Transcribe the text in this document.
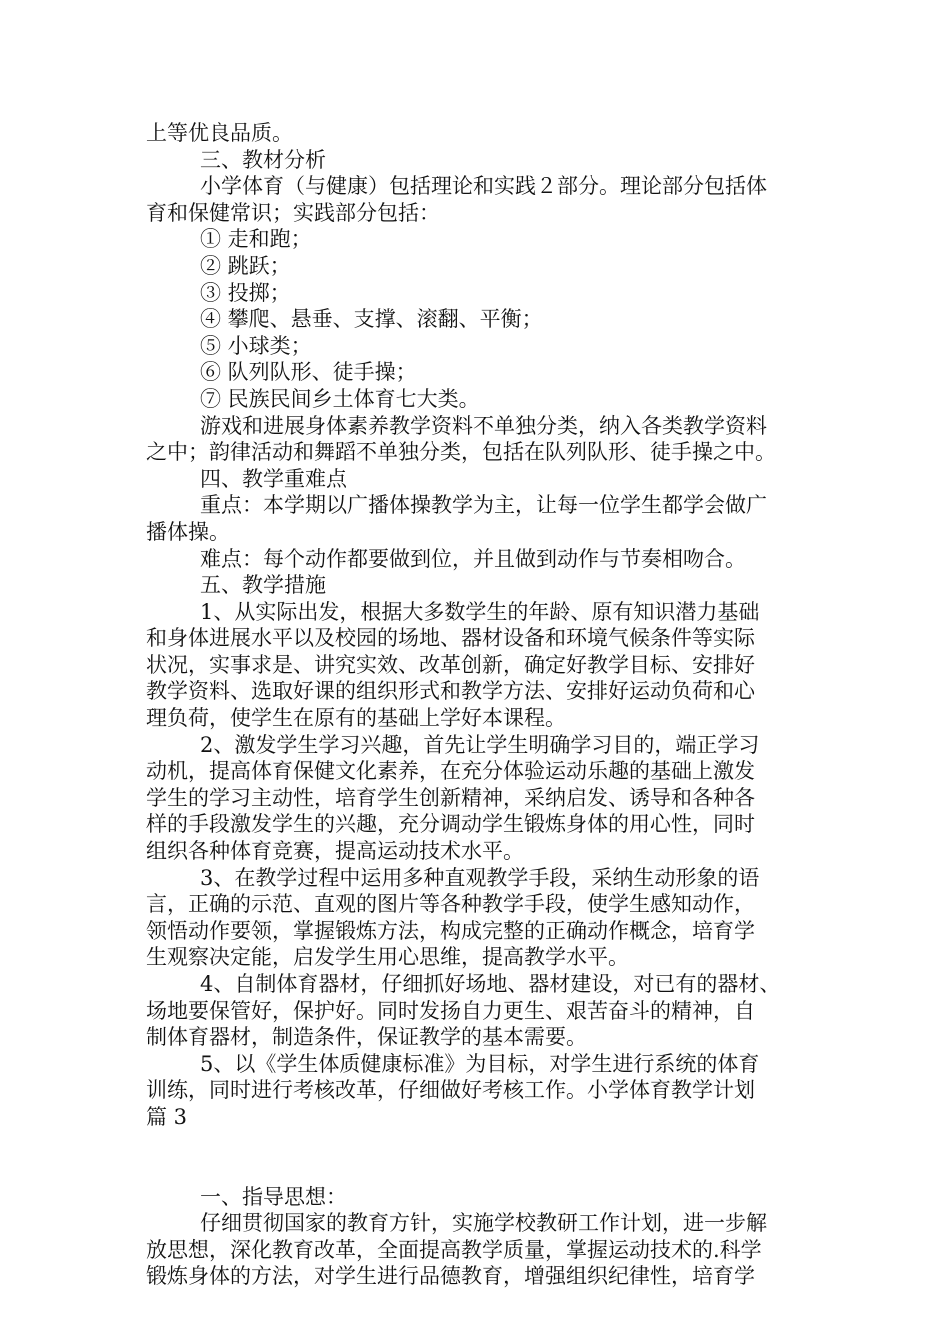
上等优良品质。
三、教材分析
小学体育（与健康）包括理论和实践２部分。理论部分包括体
育和保健常识；实践部分包括：
① 走和跑；
② 跳跃；
③ 投掷；
④ 攀爬、悬垂、支撑、滚翻、平衡；
⑤ 小球类；
⑥ 队列队形、徒手操；
⑦ 民族民间乡土体育七大类。
游戏和进展身体素养教学资料不单独分类，纳入各类教学资料
之中；韵律活动和舞蹈不单独分类，包括在队列队形、徒手操之中。
四、教学重难点
重点：本学期以广播体操教学为主，让每一位学生都学会做广
播体操。
难点：每个动作都要做到位，并且做到动作与节奏相吻合。
五、教学措施
1、从实际出发，根据大多数学生的年龄、原有知识潜力基础
和身体进展水平以及校园的场地、器材设备和环境气候条件等实际
状况，实事求是、讲究实效、改革创新，确定好教学目标、安排好
教学资料、选取好课的组织形式和教学方法、安排好运动负荷和心
理负荷，使学生在原有的基础上学好本课程。
2、激发学生学习兴趣，首先让学生明确学习目的，端正学习
动机，提高体育保健文化素养，在充分体验运动乐趣的基础上激发
学生的学习主动性，培育学生创新精神，采纳启发、诱导和各种各
样的手段激发学生的兴趣，充分调动学生锻炼身体的用心性，同时
组织各种体育竞赛，提高运动技术水平。
3、在教学过程中运用多种直观教学手段，采纳生动形象的语
言，正确的示范、直观的图片等各种教学手段，使学生感知动作，
领悟动作要领，掌握锻炼方法，构成完整的正确动作概念，培育学
生观察决定能，启发学生用心思维，提高教学水平。
4、自制体育器材，仔细抓好场地、器材建设，对已有的器材、
场地要保管好，保护好。同时发扬自力更生、艰苦奋斗的精神，自
制体育器材，制造条件，保证教学的基本需要。
5、以《学生体质健康标准》为目标，对学生进行系统的体育
训练，同时进行考核改革，仔细做好考核工作。小学体育教学计划
篇 3
一、指导思想：
仔细贯彻国家的教育方针，实施学校教研工作计划，进一步解
放思想，深化教育改革，全面提高教学质量，掌握运动技术的.科学
锻炼身体的方法，对学生进行品德教育，增强组织纪律性，培育学
